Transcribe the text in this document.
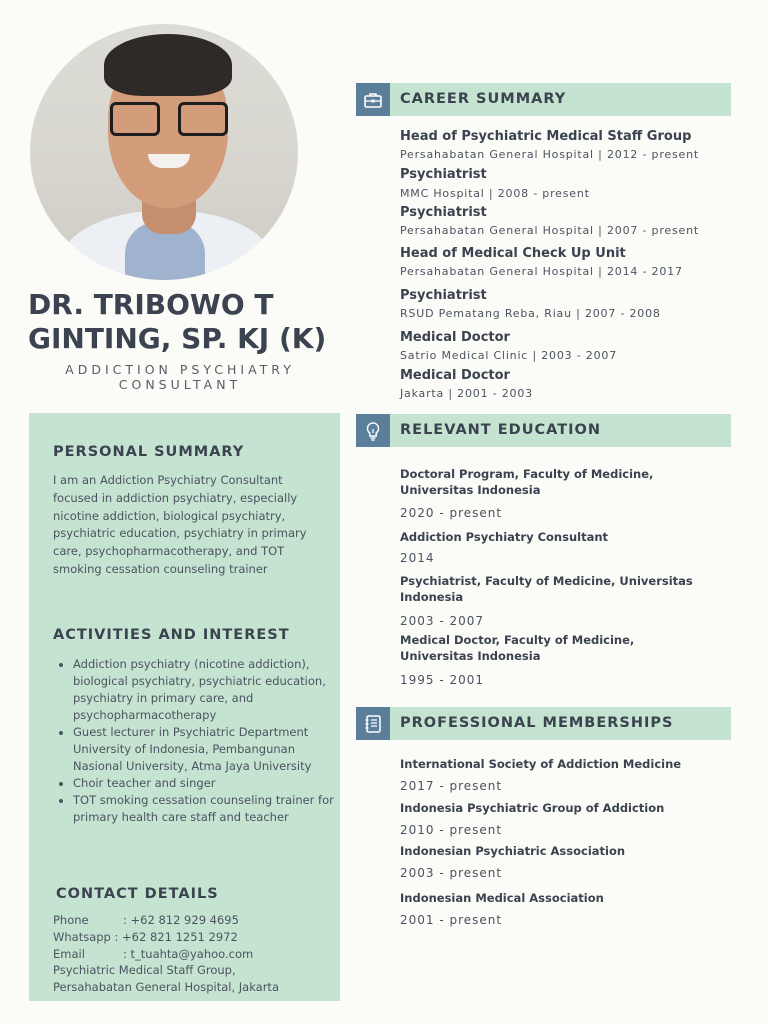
DR. TRIBOWO T GINTING, SP. KJ (K)
ADDICTION PSYCHIATRY CONSULTANT
PERSONAL SUMMARY
I am an Addiction Psychiatry Consultant focused in addiction psychiatry, especially nicotine addiction, biological psychiatry, psychiatric education, psychiatry in primary care, psychopharmacotherapy, and TOT smoking cessation counseling trainer
ACTIVITIES AND INTEREST
• Addiction psychiatry (nicotine addiction), biological psychiatry, psychiatric education, psychiatry in primary care, and psychopharmacotherapy
• Guest lecturer in Psychiatric Department University of Indonesia, Pembangunan Nasional University, Atma Jaya University
• Choir teacher and singer
• TOT smoking cessation counseling trainer for primary health care staff and teacher
CONTACT DETAILS
Phone	: +62 812 929 4695
Whatsapp : +62 821 1251 2972
Email	: t_tuahta@yahoo.com
Psychiatric Medical Staff Group,
Persahabatan General Hospital, Jakarta
CAREER SUMMARY
Head of Psychiatric Medical Staff Group
Persahabatan General Hospital | 2012 - present
Psychiatrist
MMC Hospital | 2008 - present
Psychiatrist
Persahabatan General Hospital | 2007 - present
Head of Medical Check Up Unit
Persahabatan General Hospital | 2014 - 2017
Psychiatrist
RSUD Pematang Reba, Riau | 2007 - 2008
Medical Doctor
Satrio Medical Clinic | 2003 - 2007
Medical Doctor
Jakarta | 2001 - 2003
RELEVANT EDUCATION
Doctoral Program, Faculty of Medicine, Universitas Indonesia
2020 - present
Addiction Psychiatry Consultant
2014
Psychiatrist, Faculty of Medicine, Universitas Indonesia
2003 - 2007
Medical Doctor, Faculty of Medicine, Universitas Indonesia
1995 - 2001
PROFESSIONAL MEMBERSHIPS
International Society of Addiction Medicine
2017 - present
Indonesia Psychiatric Group of Addiction
2010 - present
Indonesian Psychiatric Association
2003 - present
Indonesian Medical Association
2001 - present
